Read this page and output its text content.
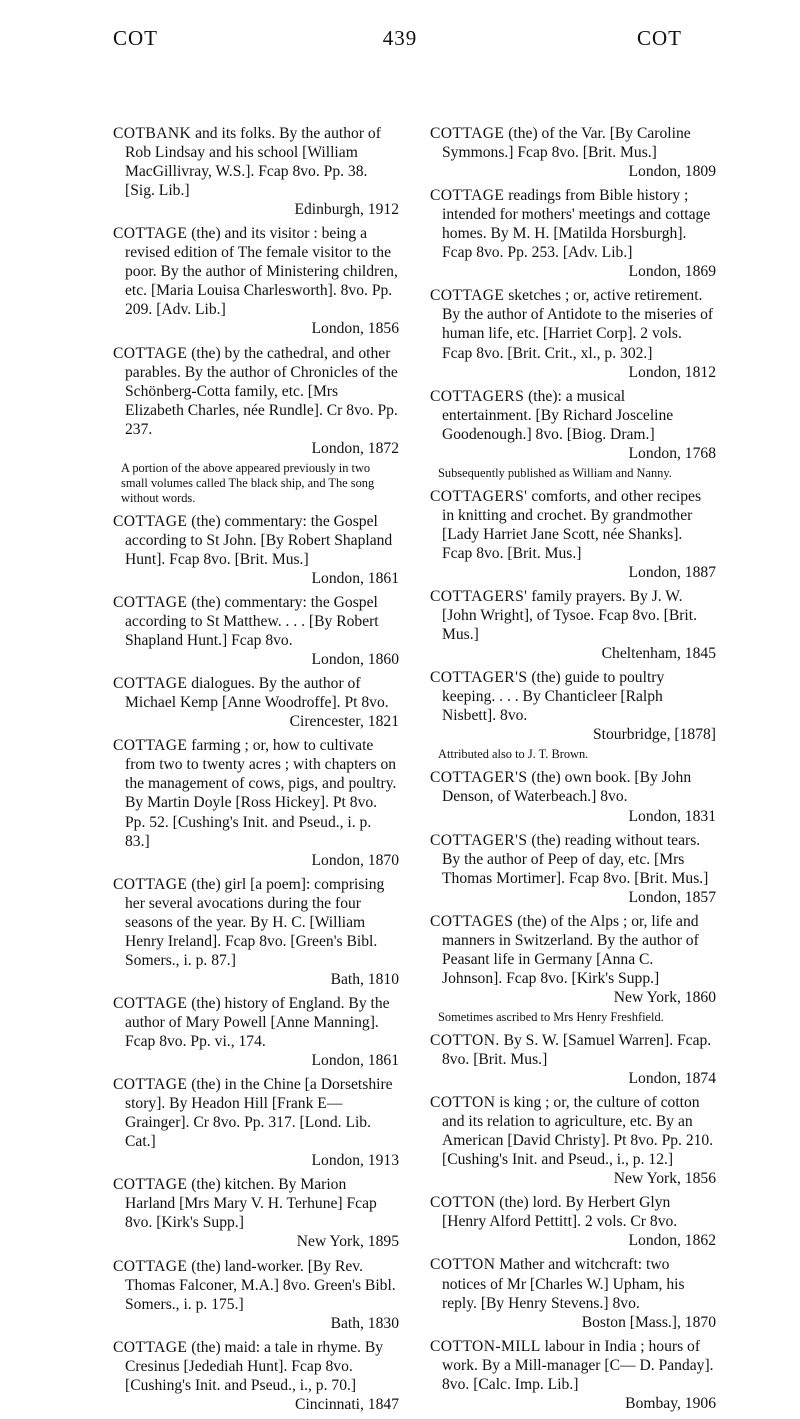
COT	439	COT
COTBANK and its folks. By the author of Rob Lindsay and his school [William MacGillivray, W.S.]. Fcap 8vo. Pp. 38. [Sig. Lib.]
Edinburgh, 1912
COTTAGE (the) and its visitor : being a revised edition of The female visitor to the poor. By the author of Ministering children, etc. [Maria Louisa Charlesworth]. 8vo. Pp. 209. [Adv. Lib.]
London, 1856
COTTAGE (the) by the cathedral, and other parables. By the author of Chronicles of the Schönberg-Cotta family, etc. [Mrs Elizabeth Charles, née Rundle]. Cr 8vo. Pp. 237.
London, 1872
A portion of the above appeared previously in two small volumes called The black ship, and The song without words.
COTTAGE (the) commentary: the Gospel according to St John. [By Robert Shapland Hunt]. Fcap 8vo. [Brit. Mus.]
London, 1861
COTTAGE (the) commentary: the Gospel according to St Matthew. . . . [By Robert Shapland Hunt.] Fcap 8vo.
London, 1860
COTTAGE dialogues. By the author of Michael Kemp [Anne Woodroffe]. Pt 8vo.
Cirencester, 1821
COTTAGE farming ; or, how to cultivate from two to twenty acres ; with chapters on the management of cows, pigs, and poultry. By Martin Doyle [Ross Hickey]. Pt 8vo. Pp. 52. [Cushing's Init. and Pseud., i. p. 83.]
London, 1870
COTTAGE (the) girl [a poem]: comprising her several avocations during the four seasons of the year. By H. C. [William Henry Ireland]. Fcap 8vo. [Green's Bibl. Somers., i. p. 87.]
Bath, 1810
COTTAGE (the) history of England. By the author of Mary Powell [Anne Manning]. Fcap 8vo. Pp. vi., 174.
London, 1861
COTTAGE (the) in the Chine [a Dorsetshire story]. By Headon Hill [Frank E— Grainger]. Cr 8vo. Pp. 317. [Lond. Lib. Cat.]
London, 1913
COTTAGE (the) kitchen. By Marion Harland [Mrs Mary V. H. Terhune] Fcap 8vo. [Kirk's Supp.]
New York, 1895
COTTAGE (the) land-worker. [By Rev. Thomas Falconer, M.A.] 8vo. Green's Bibl. Somers., i. p. 175.]
Bath, 1830
COTTAGE (the) maid: a tale in rhyme. By Cresinus [Jedediah Hunt]. Fcap 8vo. [Cushing's Init. and Pseud., i., p. 70.]
Cincinnati, 1847
COTTAGE (the) of the Var. [By Caroline Symmons.] Fcap 8vo. [Brit. Mus.]
London, 1809
COTTAGE readings from Bible history ; intended for mothers' meetings and cottage homes. By M. H. [Matilda Horsburgh]. Fcap 8vo. Pp. 253. [Adv. Lib.]
London, 1869
COTTAGE sketches ; or, active retirement. By the author of Antidote to the miseries of human life, etc. [Harriet Corp]. 2 vols. Fcap 8vo. [Brit. Crit., xl., p. 302.]
London, 1812
COTTAGERS (the): a musical entertainment. [By Richard Josceline Goodenough.] 8vo. [Biog. Dram.]
London, 1768
Subsequently published as William and Nanny.
COTTAGERS' comforts, and other recipes in knitting and crochet. By grandmother [Lady Harriet Jane Scott, née Shanks]. Fcap 8vo. [Brit. Mus.]
London, 1887
COTTAGERS' family prayers. By J. W. [John Wright], of Tysoe. Fcap 8vo. [Brit. Mus.]
Cheltenham, 1845
COTTAGER'S (the) guide to poultry keeping. . . . By Chanticleer [Ralph Nisbett]. 8vo.
Stourbridge, [1878]
Attributed also to J. T. Brown.
COTTAGER'S (the) own book. [By John Denson, of Waterbeach.] 8vo.
London, 1831
COTTAGER'S (the) reading without tears. By the author of Peep of day, etc. [Mrs Thomas Mortimer]. Fcap 8vo. [Brit. Mus.]
London, 1857
COTTAGES (the) of the Alps ; or, life and manners in Switzerland. By the author of Peasant life in Germany [Anna C. Johnson]. Fcap 8vo. [Kirk's Supp.]
New York, 1860
Sometimes ascribed to Mrs Henry Freshfield.
COTTON. By S. W. [Samuel Warren]. Fcap. 8vo. [Brit. Mus.]
London, 1874
COTTON is king ; or, the culture of cotton and its relation to agriculture, etc. By an American [David Christy]. Pt 8vo. Pp. 210. [Cushing's Init. and Pseud., i., p. 12.]
New York, 1856
COTTON (the) lord. By Herbert Glyn [Henry Alford Pettitt]. 2 vols. Cr 8vo.
London, 1862
COTTON Mather and witchcraft: two notices of Mr [Charles W.] Upham, his reply. [By Henry Stevens.] 8vo.
Boston [Mass.], 1870
COTTON-MILL labour in India ; hours of work. By a Mill-manager [C— D. Panday]. 8vo. [Calc. Imp. Lib.]
Bombay, 1906
